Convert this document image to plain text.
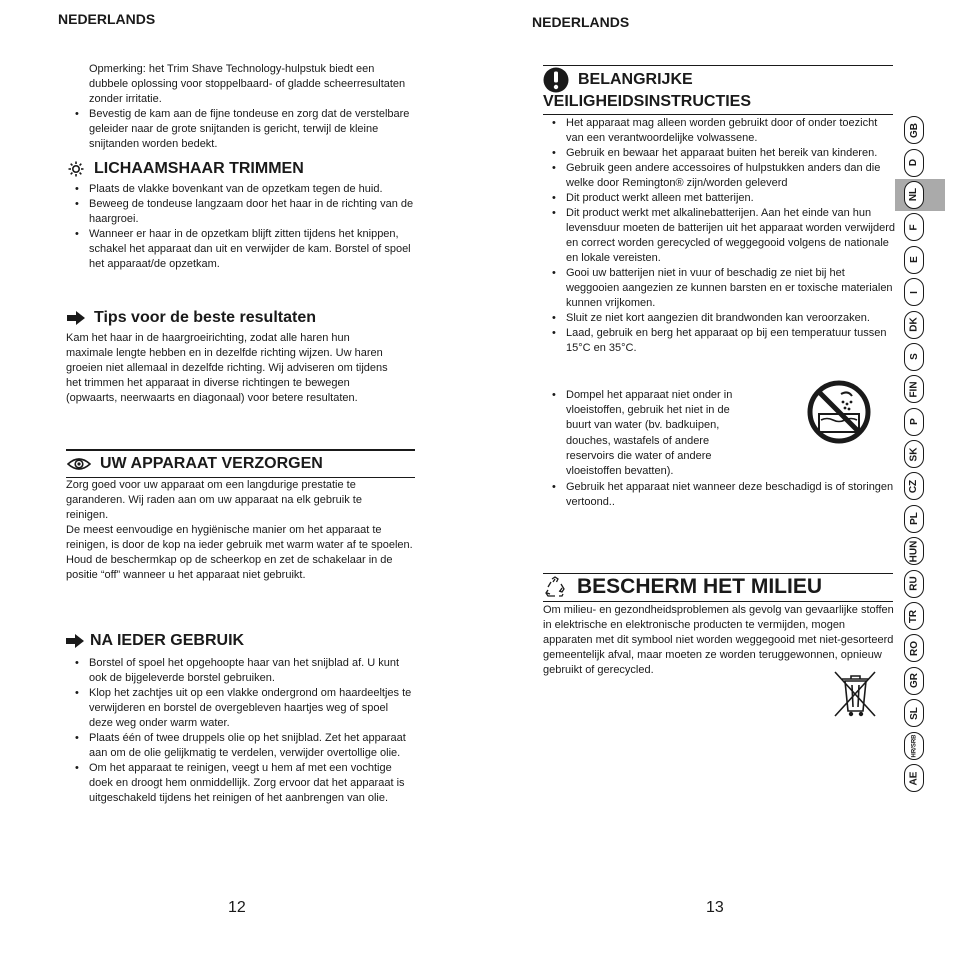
NEDERLANDS
Opmerking: het Trim Shave Technology-hulpstuk biedt een dubbele oplossing voor stoppelbaard- of gladde scheerresultaten zonder irritatie.
• Bevestig de kam aan de fijne tondeuse en zorg dat de verstelbare geleider naar de grote snijtanden is gericht, terwijl de kleine snijtanden worden bedekt.
LICHAAMSHAAR TRIMMEN
• Plaats de vlakke bovenkant van de opzetkam tegen de huid.
• Beweeg de tondeuse langzaam door het haar in de richting van de haargroei.
• Wanneer er haar in de opzetkam blijft zitten tijdens het knippen, schakel het apparaat dan uit en verwijder de kam. Borstel of spoel het apparaat/de opzetkam.
Tips voor de beste resultaten
Kam het haar in de haargroeirichting, zodat alle haren hun maximale lengte hebben en in dezelfde richting wijzen. Uw haren groeien niet allemaal in dezelfde richting. Wij adviseren om tijdens het trimmen het apparaat in diverse richtingen te bewegen (opwaarts, neerwaarts en diagonaal) voor betere resultaten.
UW APPARAAT VERZORGEN
Zorg goed voor uw apparaat om een langdurige prestatie te garanderen. Wij raden aan om uw apparaat na elk gebruik te reinigen.
De meest eenvoudige en hygiënische manier om het apparaat te reinigen, is door de kop na ieder gebruik met warm water af te spoelen. Houd de beschermkap op de scheerkop en zet de schakelaar in de positie “off” wanneer u het apparaat niet gebruikt.
NA IEDER GEBRUIK
• Borstel of spoel het opgehoopte haar van het snijblad af. U kunt ook de bijgeleverde borstel gebruiken.
• Klop het zachtjes uit op een vlakke ondergrond om haardeeltjes te verwijderen en borstel de overgebleven haartjes weg of spoel deze weg onder warm water.
• Plaats één of twee druppels olie op het snijblad. Zet het apparaat aan om de olie gelijkmatig te verdelen, verwijder overtollige olie.
• Om het apparaat te reinigen, veegt u hem af met een vochtige doek en droogt hem onmiddellijk. Zorg ervoor dat het apparaat is uitgeschakeld tijdens het reinigen of het aanbrengen van olie.
12
NEDERLANDS
BELANGRIJKE
VEILIGHEIDSINSTRUCTIES
• Het apparaat mag alleen worden gebruikt door of onder toezicht van een verantwoordelijke volwassene.
• Gebruik en bewaar het apparaat buiten het bereik van kinderen.
• Gebruik geen andere accessoires of hulpstukken anders dan die welke door Remington® zijn/worden geleverd
• Dit product werkt alleen met batterijen.
• Dit product werkt met alkalinebatterijen. Aan het einde van hun levensduur moeten de batterijen uit het apparaat worden verwijderd en correct worden gerecycled of weggegooid volgens de nationale en lokale vereisten.
• Gooi uw batterijen niet in vuur of beschadig ze niet bij het weggooien aangezien ze kunnen barsten en er toxische materialen kunnen vrijkomen.
• Sluit ze niet kort aangezien dit brandwonden kan veroorzaken.
• Laad, gebruik en berg het apparaat op bij een temperatuur tussen 15°C en 35°C.
• Dompel het apparaat niet onder in vloeistoffen, gebruik het niet in de buurt van water (bv. badkuipen, douches, wastafels of andere reservoirs die water of andere vloeistoffen bevatten).
• Gebruik het apparaat niet wanneer deze beschadigd is of storingen vertoond..
BESCHERM HET MILIEU
Om milieu- en gezondheidsproblemen als gevolg van gevaarlijke stoffen in elektrische en elektronische producten te vermijden, mogen apparaten met dit symbool niet worden weggegooid met niet-gesorteerd gemeentelijk afval, maar moeten ze worden teruggewonnen, opnieuw gebruikt of gerecycled.
13
GB
D
NL
F
E
I
DK
S
FIN
P
SK
CZ
PL
HUN
RU
TR
RO
GR
SL
HR/SRB
AE
